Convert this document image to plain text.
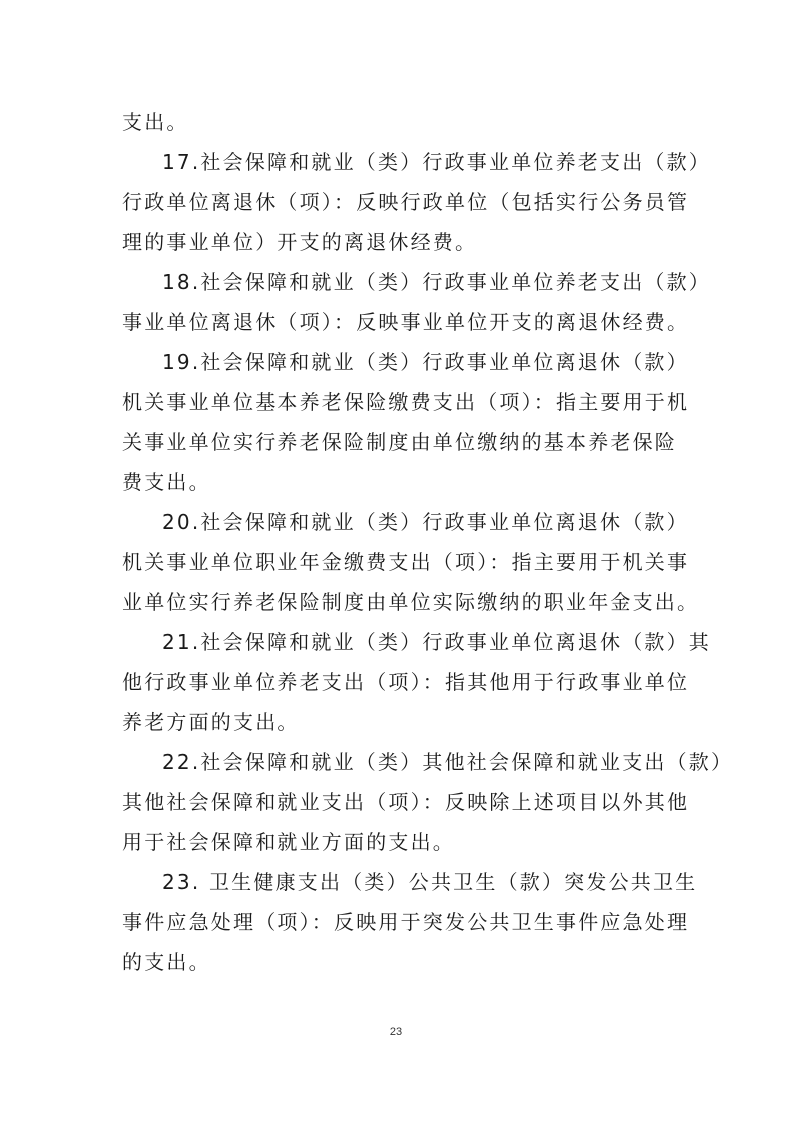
支出。
17.社会保障和就业（类）行政事业单位养老支出（款）
行政单位离退休（项）：反映行政单位（包括实行公务员管
理的事业单位）开支的离退休经费。
18.社会保障和就业（类）行政事业单位养老支出（款）
事业单位离退休（项）：反映事业单位开支的离退休经费。
19.社会保障和就业（类）行政事业单位离退休（款）
机关事业单位基本养老保险缴费支出（项）：指主要用于机
关事业单位实行养老保险制度由单位缴纳的基本养老保险
费支出。
20.社会保障和就业（类）行政事业单位离退休（款）
机关事业单位职业年金缴费支出（项）：指主要用于机关事
业单位实行养老保险制度由单位实际缴纳的职业年金支出。
21.社会保障和就业（类）行政事业单位离退休（款）其
他行政事业单位养老支出（项）：指其他用于行政事业单位
养老方面的支出。
22.社会保障和就业（类）其他社会保障和就业支出（款）
其他社会保障和就业支出（项）：反映除上述项目以外其他
用于社会保障和就业方面的支出。
23. 卫生健康支出（类）公共卫生（款）突发公共卫生
事件应急处理（项）：反映用于突发公共卫生事件应急处理
的支出。
23
